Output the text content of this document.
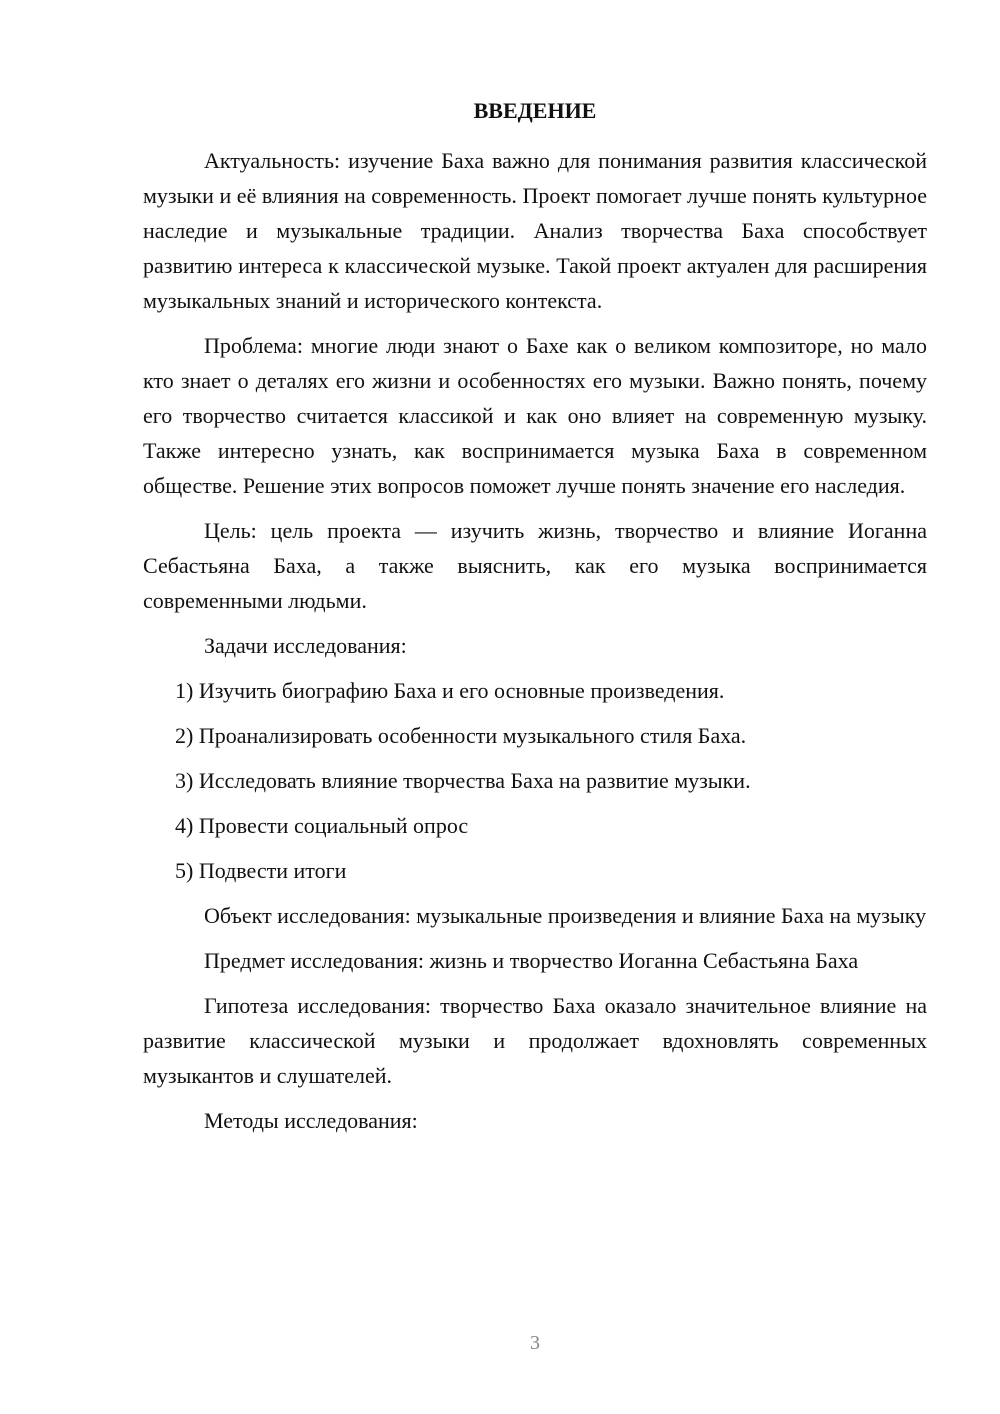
ВВЕДЕНИЕ

Актуальность: изучение Баха важно для понимания развития классической музыки и её влияния на современность. Проект помогает лучше понять культурное наследие и музыкальные традиции. Анализ творчества Баха способствует развитию интереса к классической музыке. Такой проект актуален для расширения музыкальных знаний и исторического контекста.

Проблема: многие люди знают о Бахе как о великом композиторе, но мало кто знает о деталях его жизни и особенностях его музыки. Важно понять, почему его творчество считается классикой и как оно влияет на современную музыку. Также интересно узнать, как воспринимается музыка Баха в современном обществе. Решение этих вопросов поможет лучше понять значение его наследия.

Цель: цель проекта — изучить жизнь, творчество и влияние Иоганна Себастьяна Баха, а также выяснить, как его музыка воспринимается современными людьми.

Задачи исследования:

1) Изучить биографию Баха и его основные произведения.
2) Проанализировать особенности музыкального стиля Баха.
3) Исследовать влияние творчества Баха на развитие музыки.
4) Провести социальный опрос
5) Подвести итоги

Объект исследования: музыкальные произведения и влияние Баха на музыку

Предмет исследования: жизнь и творчество Иоганна Себастьяна Баха

Гипотеза исследования: творчество Баха оказало значительное влияние на развитие классической музыки и продолжает вдохновлять современных музыкантов и слушателей.

Методы исследования:

3
